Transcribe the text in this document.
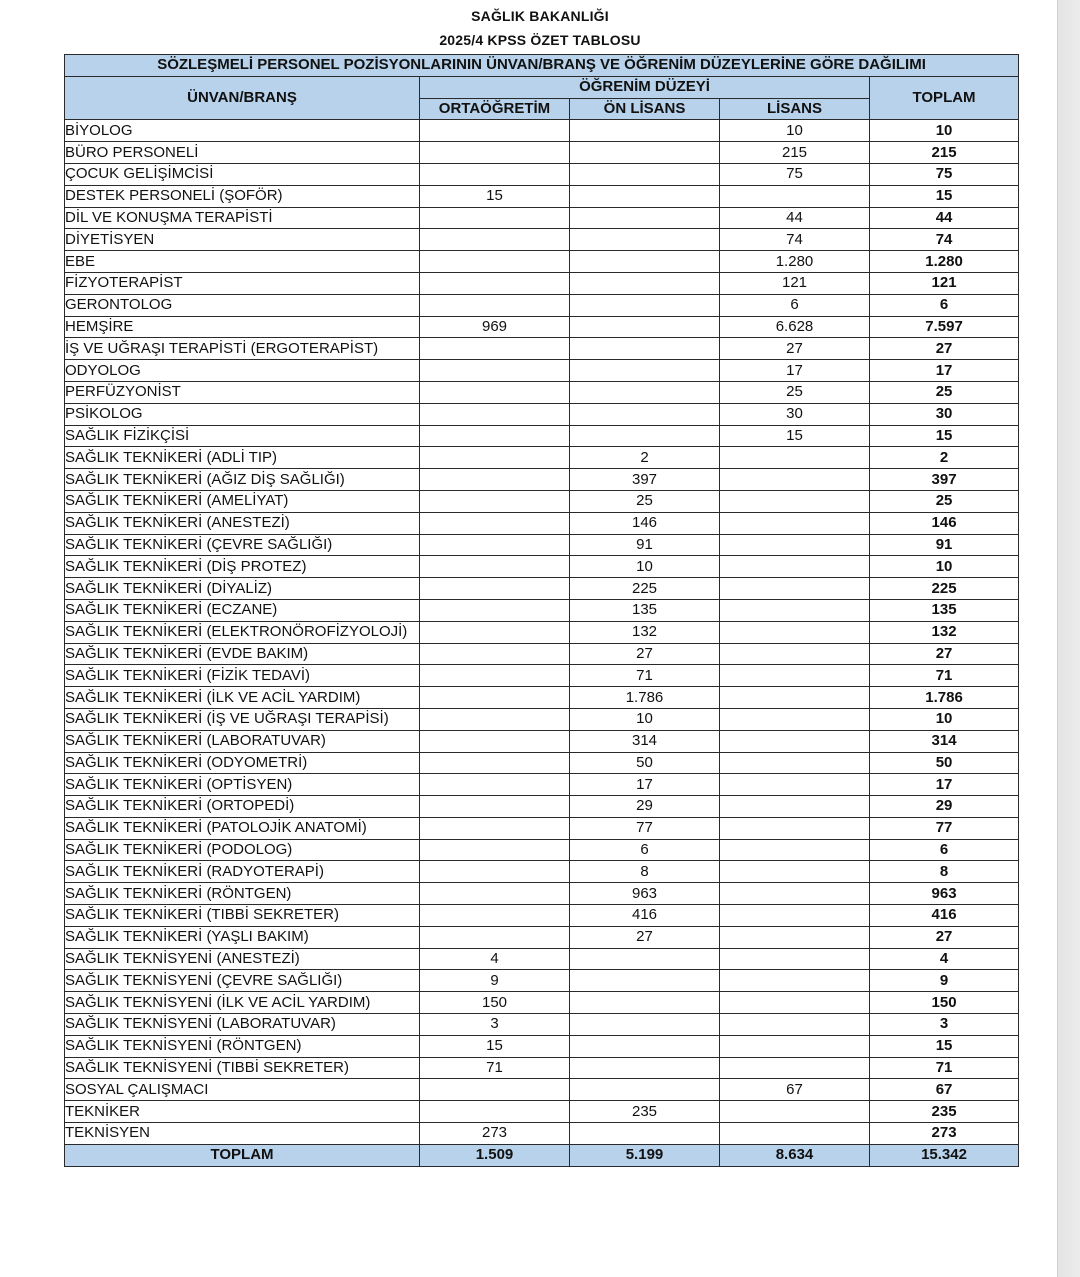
SAĞLIK BAKANLIĞI
2025/4 KPSS ÖZET TABLOSU
SÖZLEŞMELİ PERSONEL POZİSYONLARININ ÜNVAN/BRANŞ VE ÖĞRENİM DÜZEYLERİNE GÖRE DAĞILIMI				
ÜNVAN/BRANŞ	ÖĞRENİM DÜZEYİ			TOPLAM
	ORTAÖĞRETİM	ÖN LİSANS	LİSANS	
BİYOLOG			10	10
BÜRO PERSONELİ			215	215
ÇOCUK GELİŞİMCİSİ			75	75
DESTEK PERSONELİ (ŞOFÖR)	15			15
DİL VE KONUŞMA TERAPİSTİ			44	44
DİYETİSYEN			74	74
EBE			1.280	1.280
FİZYOTERAPİST			121	121
GERONTOLOG			6	6
HEMŞİRE	969		6.628	7.597
İŞ VE UĞRAŞI TERAPİSTİ (ERGOTERAPİST)			27	27
ODYOLOG			17	17
PERFÜZYONİST			25	25
PSİKOLOG			30	30
SAĞLIK FİZİKÇİSİ			15	15
SAĞLIK TEKNİKERİ (ADLİ TIP)		2		2
SAĞLIK TEKNİKERİ (AĞIZ DİŞ SAĞLIĞI)		397		397
SAĞLIK TEKNİKERİ (AMELİYAT)		25		25
SAĞLIK TEKNİKERİ (ANESTEZİ)		146		146
SAĞLIK TEKNİKERİ (ÇEVRE SAĞLIĞI)		91		91
SAĞLIK TEKNİKERİ (DİŞ PROTEZ)		10		10
SAĞLIK TEKNİKERİ (DİYALİZ)		225		225
SAĞLIK TEKNİKERİ (ECZANE)		135		135
SAĞLIK TEKNİKERİ (ELEKTRONÖROFİZYOLOJİ)		132		132
SAĞLIK TEKNİKERİ (EVDE BAKIM)		27		27
SAĞLIK TEKNİKERİ (FİZİK TEDAVİ)		71		71
SAĞLIK TEKNİKERİ (İLK VE ACİL YARDIM)		1.786		1.786
SAĞLIK TEKNİKERİ (İŞ VE UĞRAŞI TERAPİSİ)		10		10
SAĞLIK TEKNİKERİ (LABORATUVAR)		314		314
SAĞLIK TEKNİKERİ (ODYOMETRİ)		50		50
SAĞLIK TEKNİKERİ (OPTİSYEN)		17		17
SAĞLIK TEKNİKERİ (ORTOPEDİ)		29		29
SAĞLIK TEKNİKERİ (PATOLOJİK ANATOMİ)		77		77
SAĞLIK TEKNİKERİ (PODOLOG)		6		6
SAĞLIK TEKNİKERİ (RADYOTERAPİ)		8		8
SAĞLIK TEKNİKERİ (RÖNTGEN)		963		963
SAĞLIK TEKNİKERİ (TIBBİ SEKRETER)		416		416
SAĞLIK TEKNİKERİ (YAŞLI BAKIM)		27		27
SAĞLIK TEKNİSYENİ (ANESTEZİ)	4			4
SAĞLIK TEKNİSYENİ (ÇEVRE SAĞLIĞI)	9			9
SAĞLIK TEKNİSYENİ (İLK VE ACİL YARDIM)	150			150
SAĞLIK TEKNİSYENİ (LABORATUVAR)	3			3
SAĞLIK TEKNİSYENİ (RÖNTGEN)	15			15
SAĞLIK TEKNİSYENİ (TIBBİ SEKRETER)	71			71
SOSYAL ÇALIŞMACI			67	67
TEKNİKER		235		235
TEKNİSYEN	273			273
TOPLAM	1.509	5.199	8.634	15.342
